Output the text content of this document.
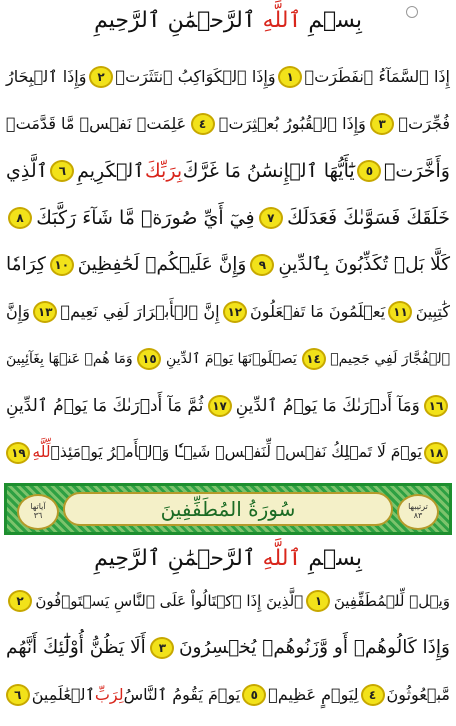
بِسۡمِ ٱللَّهِ ٱلرَّحۡمَٰنِ ٱلرَّحِيمِ
إِذَا ٱلسَّمَآءُ ٱنفَطَرَتۡ
١
وَإِذَا ٱلۡكَوَاكِبُ ٱنتَثَرَتۡ
٢
وَإِذَا ٱلۡبِحَارُ
فُجِّرَتۡ
٣
وَإِذَا ٱلۡقُبُورُ بُعۡثِرَتۡ
٤
عَلِمَتۡ نَفۡسٞ مَّا قَدَّمَتۡ
وَأَخَّرَتۡ
٥
يَٰٓأَيُّهَا ٱلۡإِنسَٰنُ مَا غَرَّكَ
بِرَبِّكَ
ٱلۡكَرِيمِ
٦
ٱلَّذِي
خَلَقَكَ فَسَوَّىٰكَ فَعَدَلَكَ
٧
فِيٓ أَيِّ صُورَةٖ مَّا شَآءَ رَكَّبَكَ
٨
كَلَّا بَلۡ تُكَذِّبُونَ بِٱلدِّينِ
٩
وَإِنَّ عَلَيۡكُمۡ لَحَٰفِظِينَ
١٠
كِرَامٗا
كَٰتِبِينَ
١١
يَعۡلَمُونَ مَا تَفۡعَلُونَ
١٢
إِنَّ ٱلۡأَبۡرَارَ لَفِي نَعِيمٖ
١٣
وَإِنَّ
ٱلۡفُجَّارَ لَفِي جَحِيمٖ
١٤
يَصۡلَوۡنَهَا يَوۡمَ ٱلدِّينِ
١٥
وَمَا هُمۡ عَنۡهَا بِغَآئِبِينَ
١٦
وَمَآ أَدۡرَىٰكَ مَا يَوۡمُ ٱلدِّينِ
١٧
ثُمَّ مَآ أَدۡرَىٰكَ مَا يَوۡمُ ٱلدِّينِ
١٨
يَوۡمَ لَا تَمۡلِكُ نَفۡسٞ لِّنَفۡسٖ شَيۡـٔٗا وَٱلۡأَمۡرُ يَوۡمَئِذٖ
لِّلَّهِ
١٩
ترتيبها
٨٣
سُورَةُ المُطَفِّفِينَ
آياتها
٣٦
بِسۡمِ ٱللَّهِ ٱلرَّحۡمَٰنِ ٱلرَّحِيمِ
وَيۡلٞ لِّلۡمُطَفِّفِينَ
١
ٱلَّذِينَ إِذَا ٱكۡتَالُواْ عَلَى ٱلنَّاسِ يَسۡتَوۡفُونَ
٢
وَإِذَا كَالُوهُمۡ أَو وَّزَنُوهُمۡ يُخۡسِرُونَ
٣
أَلَا يَظُنُّ أُوْلَٰٓئِكَ أَنَّهُم
مَّبۡعُوثُونَ
٤
لِيَوۡمٍ عَظِيمٖ
٥
يَوۡمَ يَقُومُ ٱلنَّاسُ
لِرَبِّ
ٱلۡعَٰلَمِينَ
٦
